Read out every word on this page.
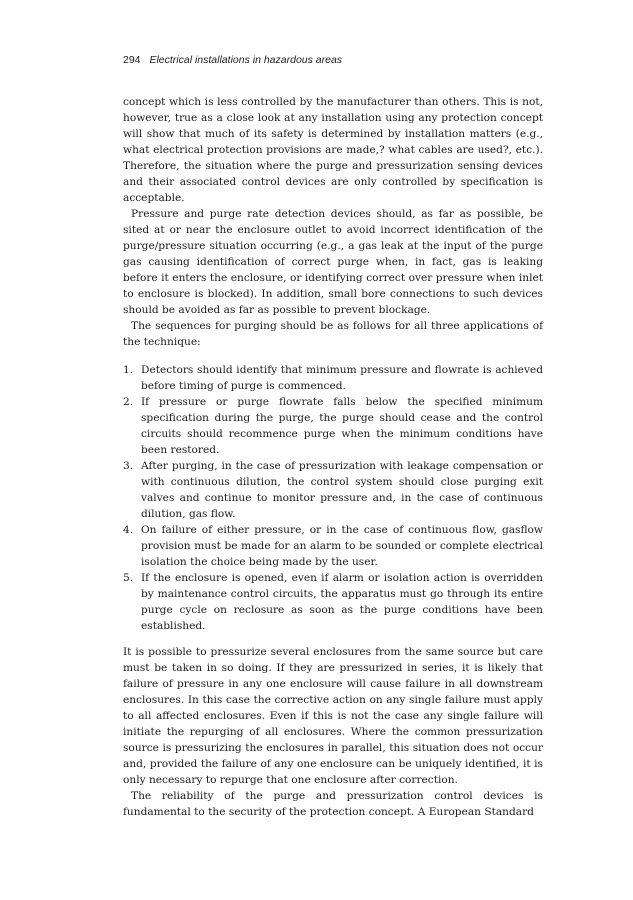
294 Electrical installations in hazardous areas

concept which is less controlled by the manufacturer than others. This is not, however, true as a close look at any installation using any protection concept will show that much of its safety is determined by installation matters (e.g., what electrical protection provisions are made,? what cables are used?, etc.). Therefore, the situation where the purge and pressurization sensing devices and their associated control devices are only controlled by specification is acceptable.

Pressure and purge rate detection devices should, as far as possible, be sited at or near the enclosure outlet to avoid incorrect identification of the purge/pressure situation occurring (e.g., a gas leak at the input of the purge gas causing identification of correct purge when, in fact, gas is leaking before it enters the enclosure, or identifying correct over pressure when inlet to enclosure is blocked). In addition, small bore connections to such devices should be avoided as far as possible to prevent blockage.

The sequences for purging should be as follows for all three applications of the technique:

1. Detectors should identify that minimum pressure and flowrate is achieved before timing of purge is commenced.
2. If pressure or purge flowrate falls below the specified minimum specification during the purge, the purge should cease and the control circuits should recommence purge when the minimum conditions have been restored.
3. After purging, in the case of pressurization with leakage compensation or with continuous dilution, the control system should close purging exit valves and continue to monitor pressure and, in the case of continuous dilution, gas flow.
4. On failure of either pressure, or in the case of continuous flow, gasflow provision must be made for an alarm to be sounded or complete electrical isolation the choice being made by the user.
5. If the enclosure is opened, even if alarm or isolation action is overridden by maintenance control circuits, the apparatus must go through its entire purge cycle on reclosure as soon as the purge conditions have been established.

It is possible to pressurize several enclosures from the same source but care must be taken in so doing. If they are pressurized in series, it is likely that failure of pressure in any one enclosure will cause failure in all downstream enclosures. In this case the corrective action on any single failure must apply to all affected enclosures. Even if this is not the case any single failure will initiate the repurging of all enclosures. Where the common pressurization source is pressurizing the enclosures in parallel, this situation does not occur and, provided the failure of any one enclosure can be uniquely identified, it is only necessary to repurge that one enclosure after correction.

The reliability of the purge and pressurization control devices is fundamental to the security of the protection concept. A European Standard
